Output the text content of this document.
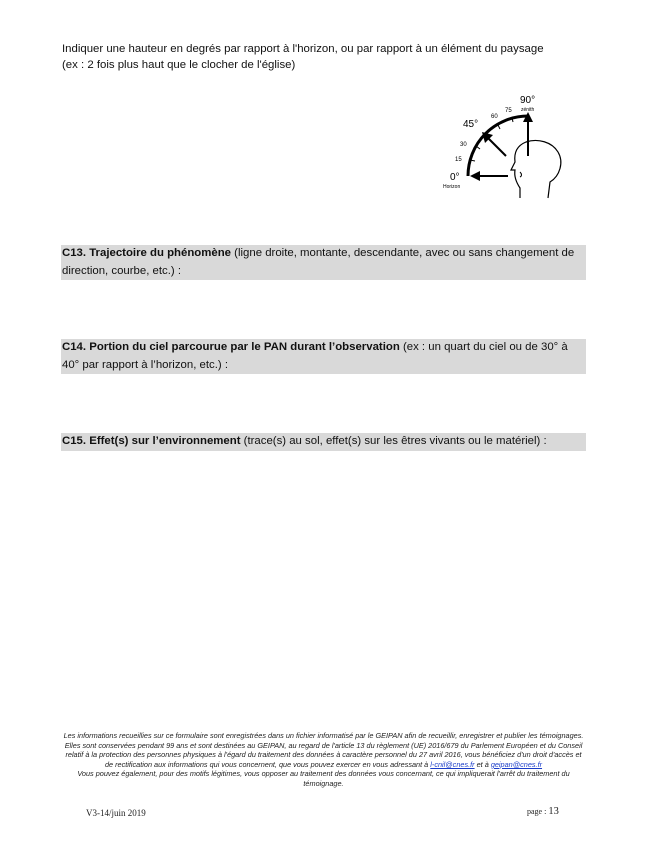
Indiquer une hauteur en degrés par rapport à l'horizon, ou par rapport à un élément du paysage
(ex : 2 fois plus haut que le clocher de l'église)
90°
zénith
75
60
45°
30
15
0°
Horizon
C13. Trajectoire du phénomène (ligne droite, montante, descendante, avec ou sans changement de direction, courbe, etc.) :
C14. Portion du ciel parcourue par le PAN durant l’observation (ex : un quart du ciel ou de 30° à 40° par rapport à l’horizon, etc.) :
C15. Effet(s) sur l’environnement (trace(s) au sol, effet(s) sur les êtres vivants ou le matériel) :
Les informations recueillies sur ce formulaire sont enregistrées dans un fichier informatisé par le GEIPAN afin de recueillir, enregistrer et publier les témoignages. Elles sont conservées pendant 99 ans et sont destinées au GEIPAN, au regard de l'article 13 du règlement (UE) 2016/679 du Parlement Européen et du Conseil relatif à la protection des personnes physiques à l'égard du traitement des données à caractère personnel du 27 avril 2016, vous bénéficiez d'un droit d'accès et de rectification aux informations qui vous concernent, que vous pouvez exercer en vous adressant à l-cnil@cnes.fr et à geipan@cnes.fr
Vous pouvez également, pour des motifs légitimes, vous opposer au traitement des données vous concernant, ce qui impliquerait l'arrêt du traitement du témoignage.
V3-14/juin 2019	page : 13
